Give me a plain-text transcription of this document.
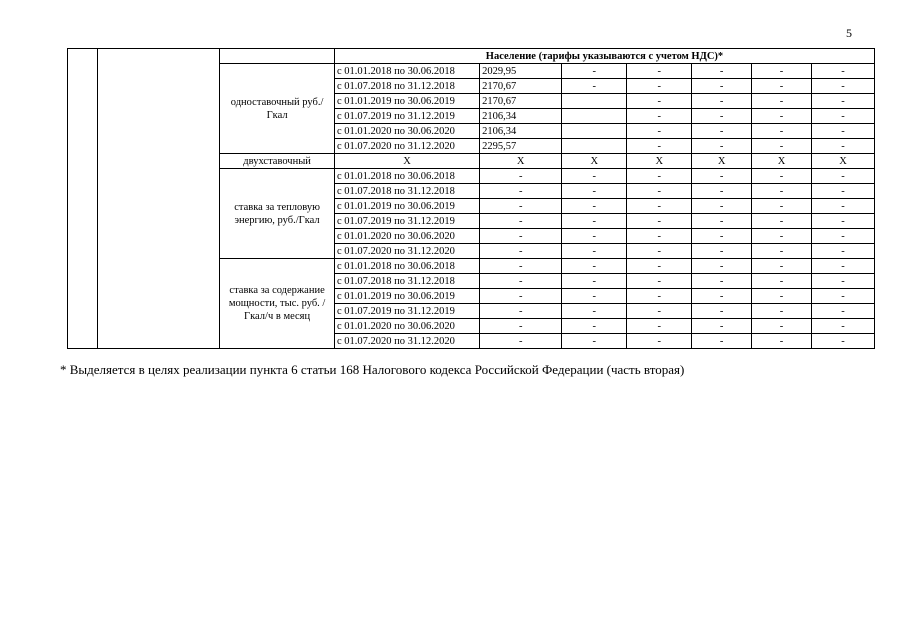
5
			Население (тарифы указываются с учетом НДС)*						
		одноставочный руб./Гкал	с 01.01.2018 по 30.06.2018	2029,95	-	-	-	-	-
			с 01.07.2018 по 31.12.2018	2170,67	-	-	-	-	-
			с 01.01.2019 по 30.06.2019	2170,67		-	-	-	-
			с 01.07.2019 по 31.12.2019	2106,34		-	-	-	-
			с 01.01.2020 по 30.06.2020	2106,34		-	-	-	-
			с 01.07.2020 по 31.12.2020	2295,57		-	-	-	-
		двухставочный	X	X	X	X	X	X	X
		ставка за тепловую энергию, руб./Гкал	с 01.01.2018 по 30.06.2018	-	-	-	-	-	-
			с 01.07.2018 по 31.12.2018	-	-	-	-	-	-
			с 01.01.2019 по 30.06.2019	-	-	-	-	-	-
			с 01.07.2019 по 31.12.2019	-	-	-	-	-	-
			с 01.01.2020 по 30.06.2020	-	-	-	-	-	-
			с 01.07.2020 по 31.12.2020	-	-	-	-	-	-
		ставка за содержание мощности, тыс. руб. /Гкал/ч в месяц	с 01.01.2018 по 30.06.2018	-	-	-	-	-	-
			с 01.07.2018 по 31.12.2018	-	-	-	-	-	-
			с 01.01.2019 по 30.06.2019	-	-	-	-	-	-
			с 01.07.2019 по 31.12.2019	-	-	-	-	-	-
			с 01.01.2020 по 30.06.2020	-	-	-	-	-	-
			с 01.07.2020 по 31.12.2020	-	-	-	-	-	-
* Выделяется в целях реализации пункта 6 статьи 168 Налогового кодекса Российской Федерации (часть вторая)
